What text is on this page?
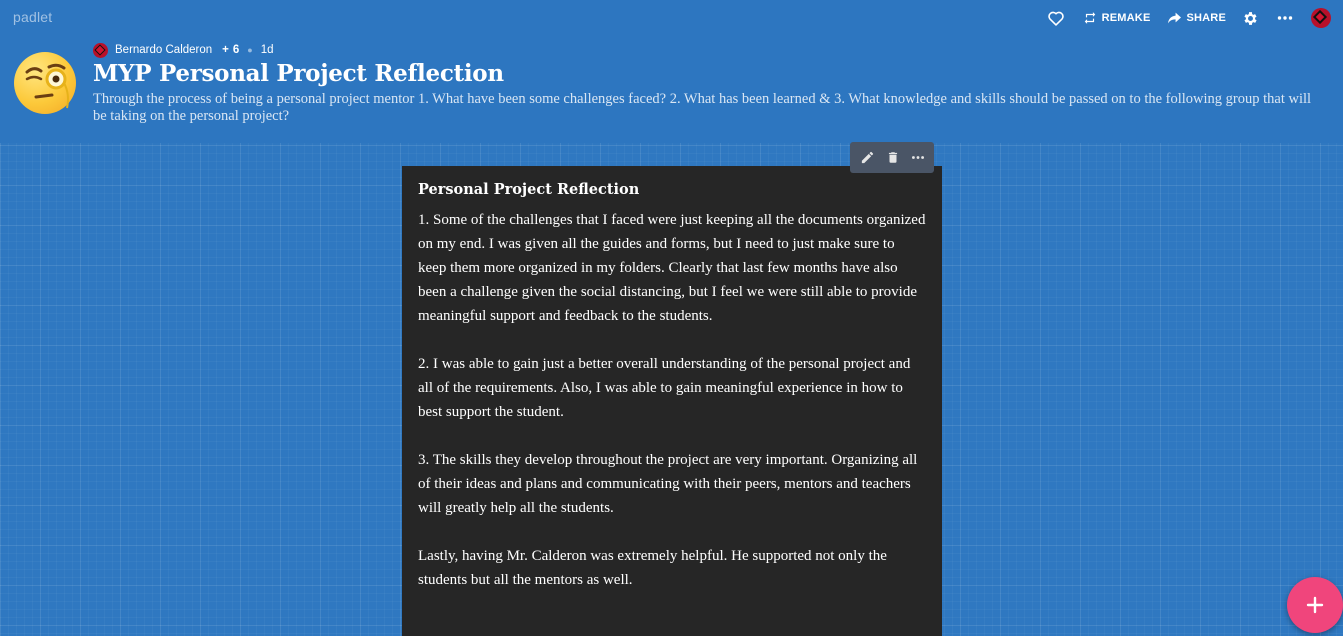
padlet	REMAKE	SHARE
Bernardo Calderon + 6 ● 1d
MYP Personal Project Reflection
Through the process of being a personal project mentor 1. What have been some challenges faced? 2. What has been learned & 3. What knowledge and skills should be passed on to the following group that will be taking on the personal project?
Personal Project Reflection

1. Some of the challenges that I faced were just keeping all the documents organized on my end. I was given all the guides and forms, but I need to just make sure to keep them more organized in my folders. Clearly that last few months have also been a challenge given the social distancing, but I feel we were still able to provide meaningful support and feedback to the students.

2. I was able to gain just a better overall understanding of the personal project and all of the requirements. Also, I was able to gain meaningful experience in how to best support the student.

3. The skills they develop throughout the project are very important. Organizing all of their ideas and plans and communicating with their peers, mentors and teachers will greatly help all the students.

Lastly, having Mr. Calderon was extremely helpful. He supported not only the students but all the mentors as well.
